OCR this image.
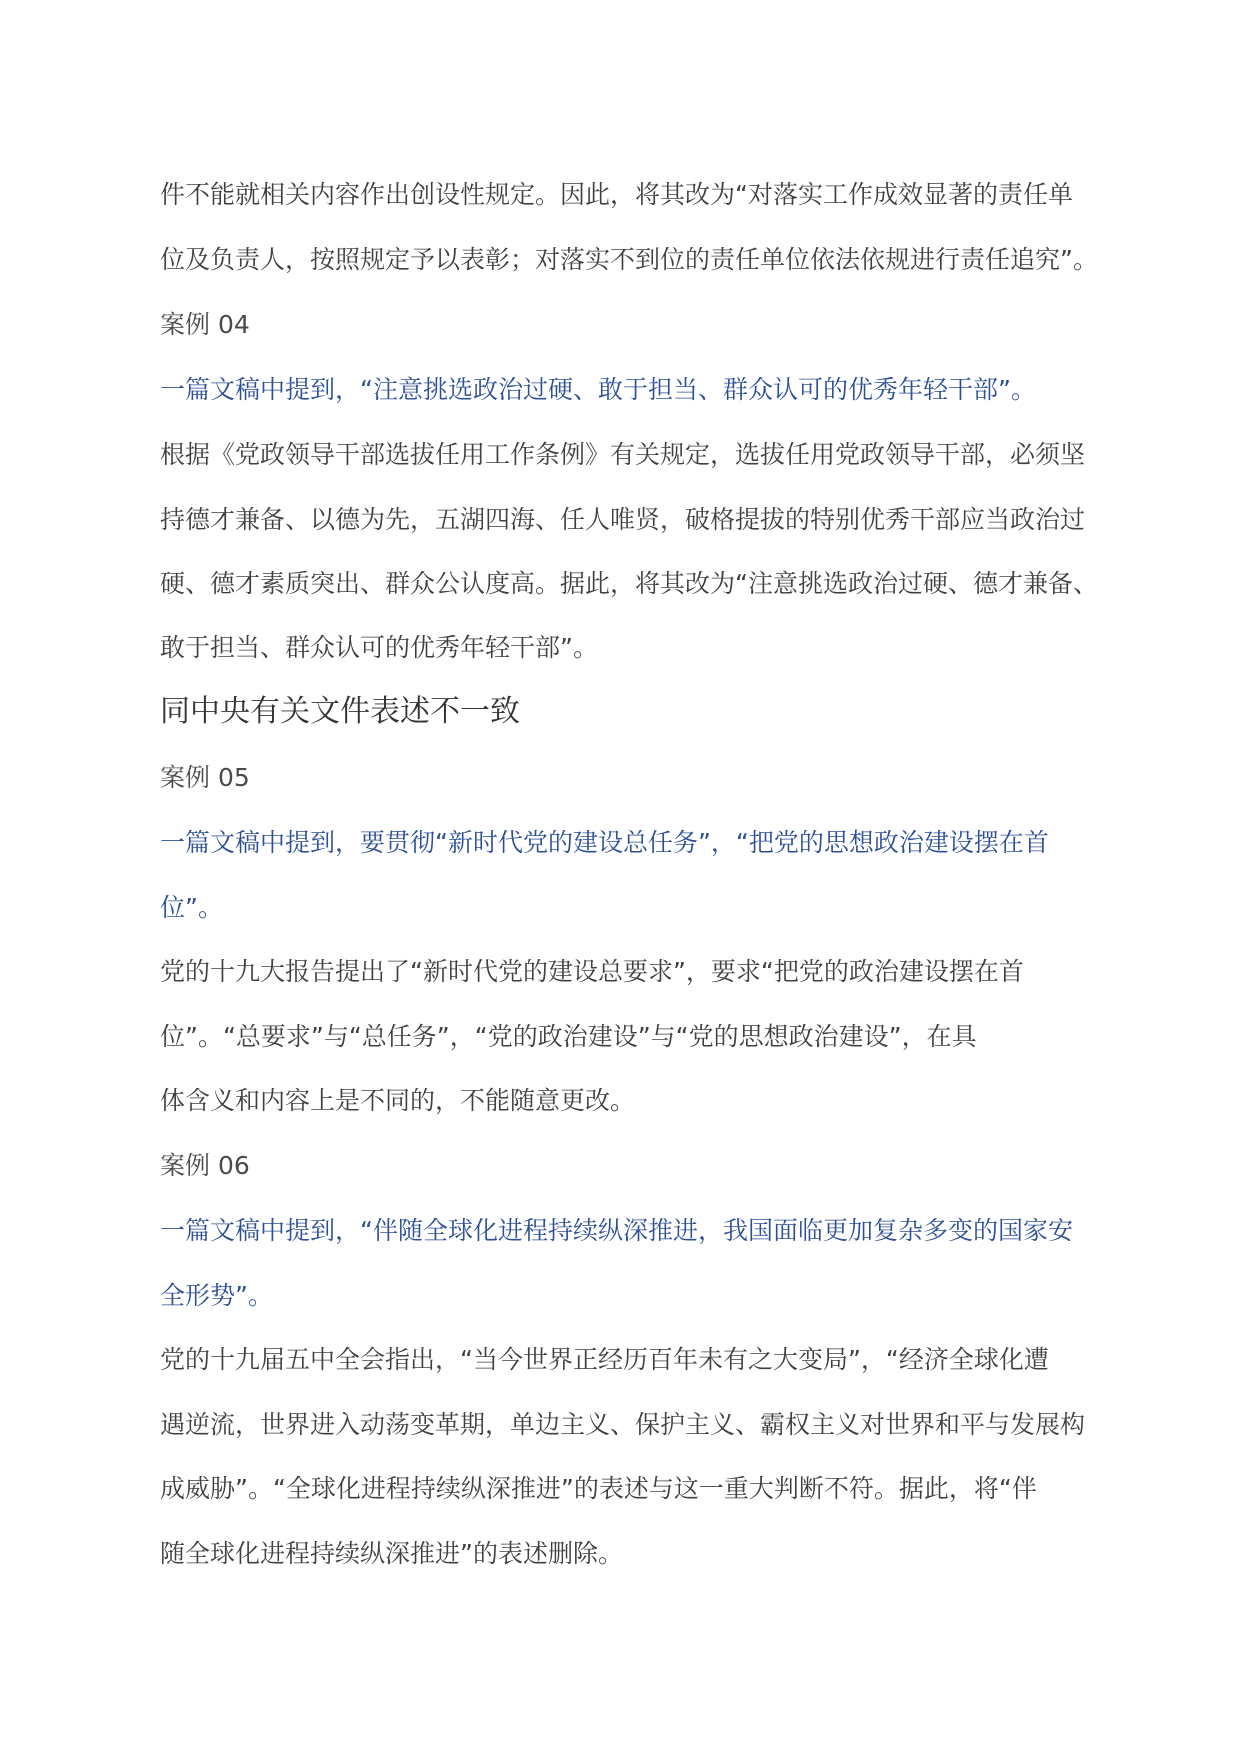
件不能就相关内容作出创设性规定。因此，将其改为“对落实工作成效显著的责任单
位及负责人，按照规定予以表彰；对落实不到位的责任单位依法依规进行责任追究”。
案例 04
一篇文稿中提到，“注意挑选政治过硬、敢于担当、群众认可的优秀年轻干部”。
根据《党政领导干部选拔任用工作条例》有关规定，选拔任用党政领导干部，必须坚
持德才兼备、以德为先，五湖四海、任人唯贤，破格提拔的特别优秀干部应当政治过
硬、德才素质突出、群众公认度高。据此，将其改为“注意挑选政治过硬、德才兼备、
敢于担当、群众认可的优秀年轻干部”。
同中央有关文件表述不一致
案例 05
一篇文稿中提到，要贯彻“新时代党的建设总任务”，“把党的思想政治建设摆在首
位”。
党的十九大报告提出了“新时代党的建设总要求”，要求“把党的政治建设摆在首
位”。“总要求”与“总任务”，“党的政治建设”与“党的思想政治建设”，在具
体含义和内容上是不同的，不能随意更改。
案例 06
一篇文稿中提到，“伴随全球化进程持续纵深推进，我国面临更加复杂多变的国家安
全形势”。
党的十九届五中全会指出，“当今世界正经历百年未有之大变局”，“经济全球化遭
遇逆流，世界进入动荡变革期，单边主义、保护主义、霸权主义对世界和平与发展构
成威胁”。“全球化进程持续纵深推进”的表述与这一重大判断不符。据此，将“伴
随全球化进程持续纵深推进”的表述删除。
